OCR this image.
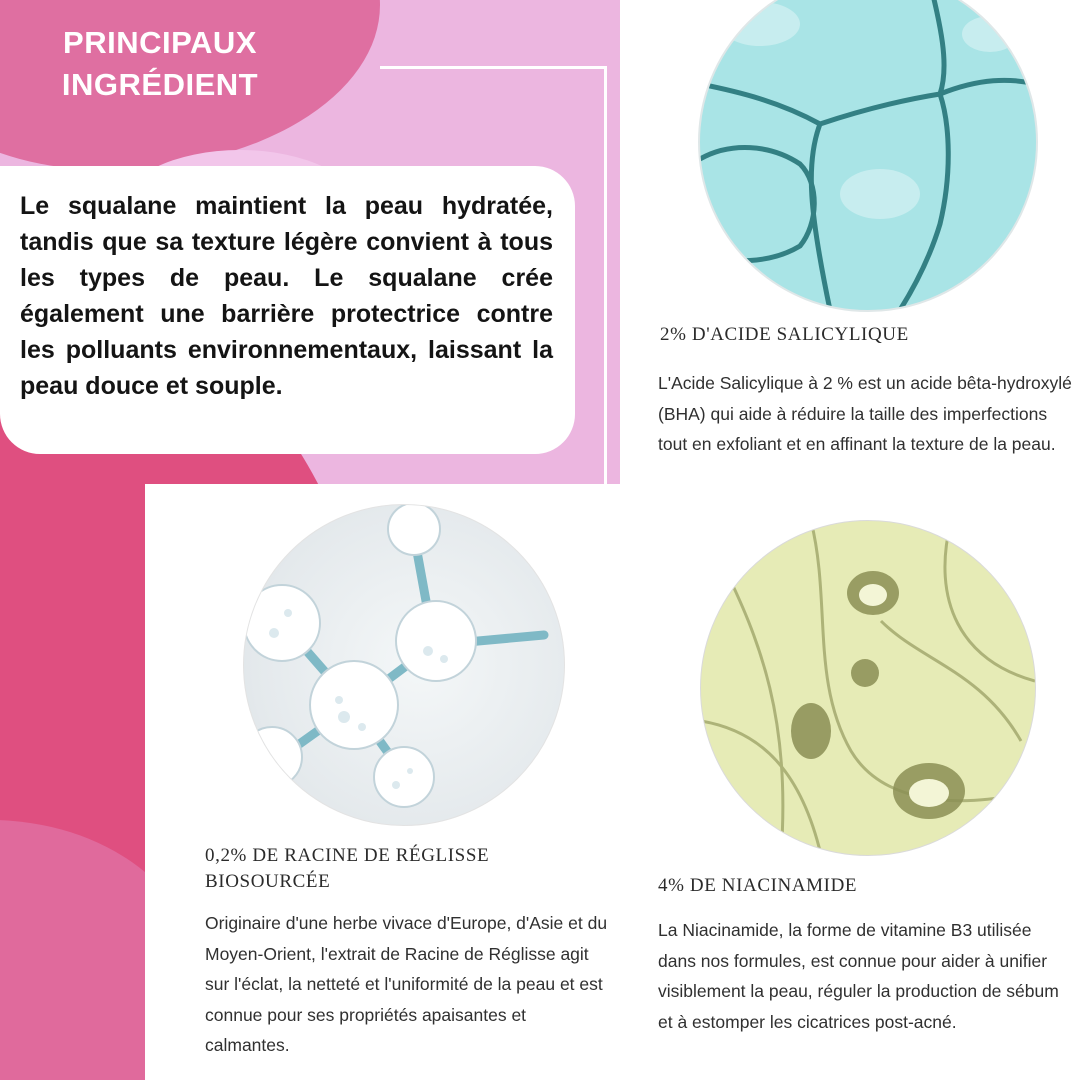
PRINCIPAUX INGRÉDIENT

Le squalane maintient la peau hydratée, tandis que sa texture légère convient à tous les types de peau. Le squalane crée également une barrière protectrice contre les polluants environnementaux, laissant la peau douce et souple.

2% D'ACIDE SALICYLIQUE

L'Acide Salicylique à 2 % est un acide bêta-hydroxylé (BHA) qui aide à réduire la taille des imperfections tout en exfoliant et en affinant la texture de la peau.

0,2% DE RACINE DE RÉGLISSE BIOSOURCÉE

Originaire d'une herbe vivace d'Europe, d'Asie et du Moyen-Orient, l'extrait de Racine de Réglisse agit sur l'éclat, la netteté et l'uniformité de la peau et est connue pour ses propriétés apaisantes et calmantes.

4% DE NIACINAMIDE

La Niacinamide, la forme de vitamine B3 utilisée dans nos formules, est connue pour aider à unifier visiblement la peau, réguler la production de sébum et à estomper les cicatrices post-acné.
